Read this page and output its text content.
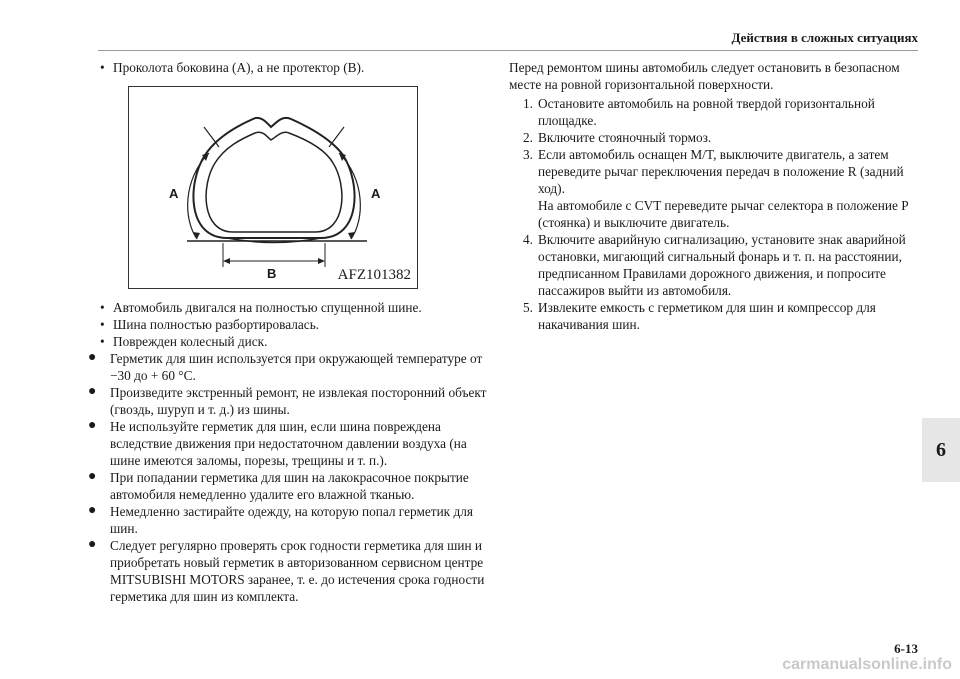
Действия в сложных ситуациях
6

• Проколота боковина (A), а не протектор (B).

A	A
B	AFZ101382

• Автомобиль двигался на полностью спущенной шине.

• Шина полностью разбортировалась.

• Поврежден колесный диск.

● Герметик для шин используется при окружающей температуре от −30 до + 60 °C.

● Произведите экстренный ремонт, не извлекая посторонний объект (гвоздь, шуруп и т. д.) из шины.

● Не используйте герметик для шин, если шина повреждена вследствие движения при недостаточном давлении воздуха (на шине имеются заломы, порезы, трещины и т. п.).

● При попадании герметика для шин на лакокрасочное покрытие автомобиля немедленно удалите его влажной тканью.

● Немедленно застирайте одежду, на которую попал герметик для шин.

● Следует регулярно проверять срок годности герметика для шин и приобретать новый герметик в авторизованном сервисном центре MITSUBISHI MOTORS заранее, т. е. до истечения срока годности герметика для шин из комплекта.

Перед ремонтом шины автомобиль следует остановить в безопасном месте на ровной горизонтальной поверхности.

1. Остановите автомобиль на ровной твердой горизонтальной площадке.
2. Включите стояночный тормоз.
3. Если автомобиль оснащен M/T, выключите двигатель, а затем переведите рычаг переключения передач в положение R (задний ход).

На автомобиле с CVT переведите рычаг селектора в положение P (стоянка) и выключите двигатель.

4. Включите аварийную сигнализацию, установите знак аварийной остановки, мигающий сигнальный фонарь и т. п. на расстоянии, предписанном Правилами дорожного движения, и попросите пассажиров выйти из автомобиля.
5. Извлеките емкость с герметиком для шин и компрессор для накачивания шин.
6-13
carmanualsonline.info
